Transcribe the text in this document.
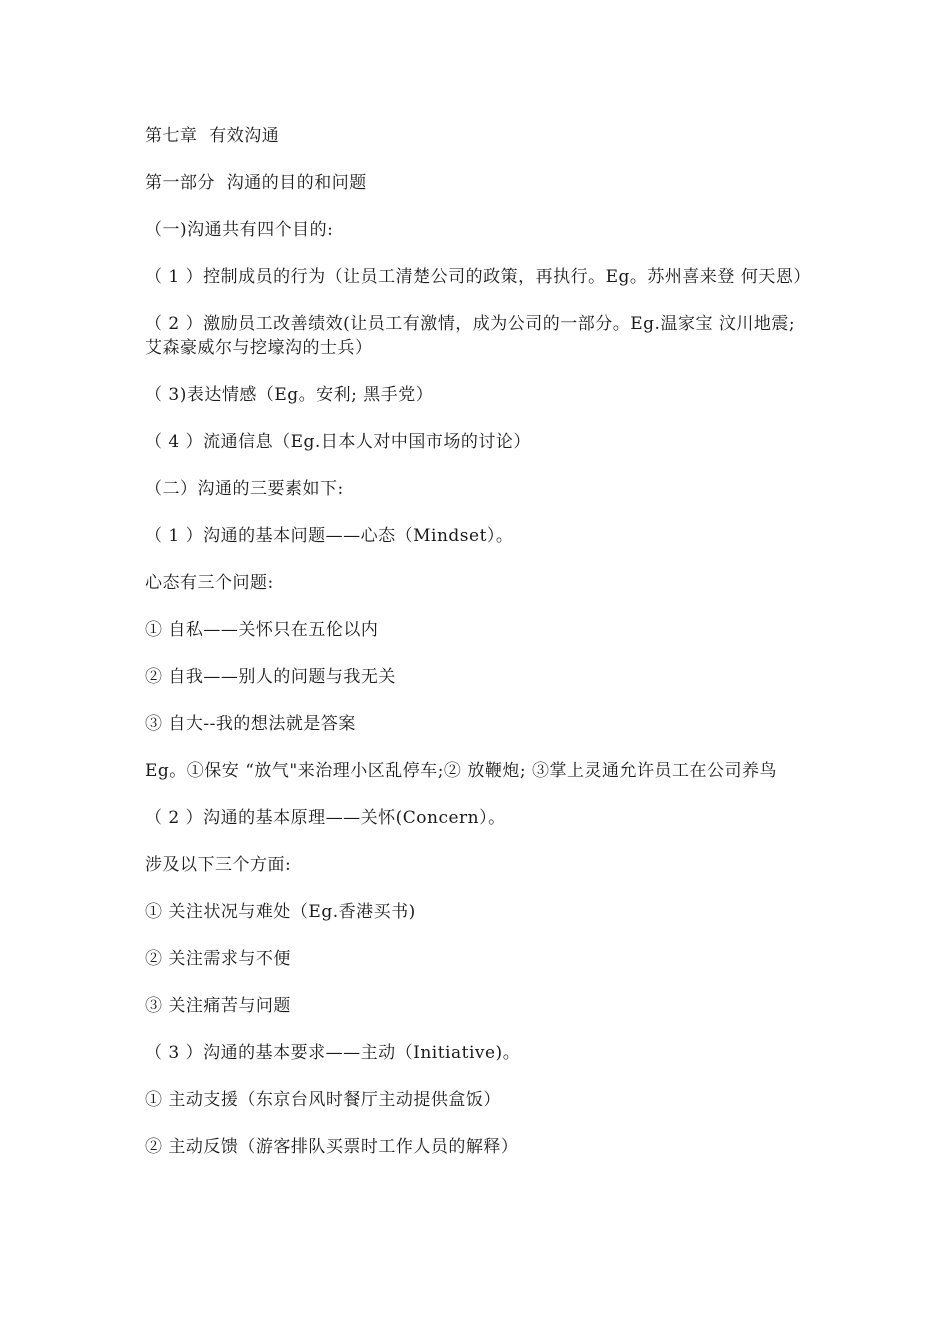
第七章  有效沟通

第一部分  沟通的目的和问题

（一)沟通共有四个目的:

（ 1 ）控制成员的行为（让员工清楚公司的政策，再执行。Eg。苏州喜来登 何天恩）

（ 2 ）激励员工改善绩效(让员工有激情，成为公司的一部分。Eg.温家宝 汶川地震; 艾森豪威尔与挖壕沟的士兵）

（ 3)表达情感（Eg。安利; 黑手党）

（ 4 ）流通信息（Eg.日本人对中国市场的讨论）

（二）沟通的三要素如下:

（ 1 ）沟通的基本问题——心态（Mindset）。

心态有三个问题:

① 自私——关怀只在五伦以内

② 自我——别人的问题与我无关

③ 自大--我的想法就是答案

Eg。①保安 “放气"来治理小区乱停车;② 放鞭炮; ③掌上灵通允许员工在公司养鸟

（ 2 ）沟通的基本原理——关怀(Concern）。

涉及以下三个方面:

① 关注状况与难处（Eg.香港买书)

② 关注需求与不便

③ 关注痛苦与问题

（ 3 ）沟通的基本要求——主动（Initiative)。

① 主动支援（东京台风时餐厅主动提供盒饭）

② 主动反馈（游客排队买票时工作人员的解释）
